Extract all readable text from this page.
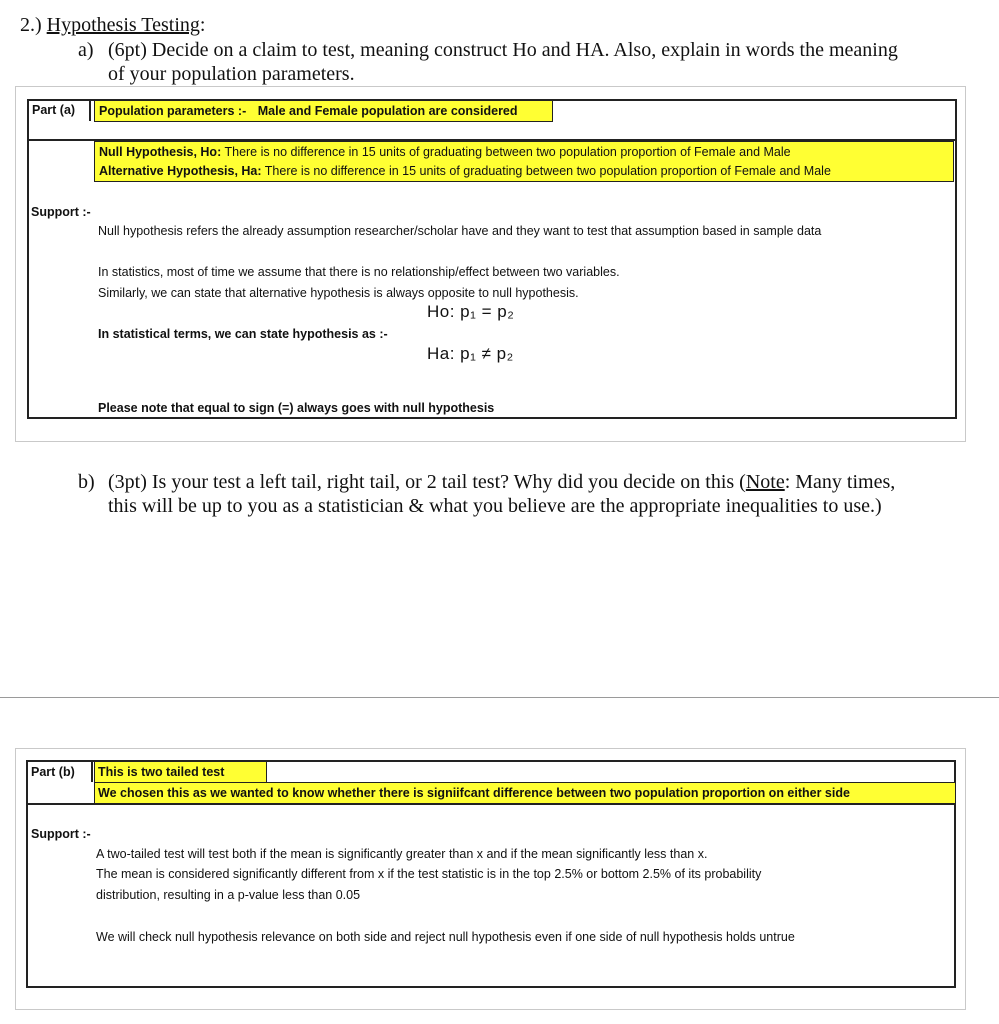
2.) Hypothesis Testing:
a) (6pt) Decide on a claim to test, meaning construct Ho and HA. Also, explain in words the meaning
of your population parameters.
Part (a)	Population parameters :- Male and Female population are considered
Null Hypothesis, Ho: There is no difference in 15 units of graduating between two population proportion of Female and Male
Alternative Hypothesis, Ha: There is no difference in 15 units of graduating between two population proportion of Female and Male
Support :-
Null hypothesis refers the already assumption researcher/scholar have and they want to test that assumption based in sample data
In statistics, most of time we assume that there is no relationship/effect between two variables.
Similarly, we can state that alternative hypothesis is always opposite to null hypothesis.
Ho: p₁ = p₂
In statistical terms, we can state hypothesis as :-
Ha: p₁ ≠ p₂
Please note that equal to sign (=) always goes with null hypothesis
b) (3pt) Is your test a left tail, right tail, or 2 tail test? Why did you decide on this (Note: Many times,
this will be up to you as a statistician & what you believe are the appropriate inequalities to use.)
Part (b)	This is two tailed test
We chosen this as we wanted to know whether there is signiifcant difference between two population proportion on either side
Support :-
A two-tailed test will test both if the mean is significantly greater than x and if the mean significantly less than x.
The mean is considered significantly different from x if the test statistic is in the top 2.5% or bottom 2.5% of its probability
distribution, resulting in a p-value less than 0.05
We will check null hypothesis relevance on both side and reject null hypothesis even if one side of null hypothesis holds untrue
